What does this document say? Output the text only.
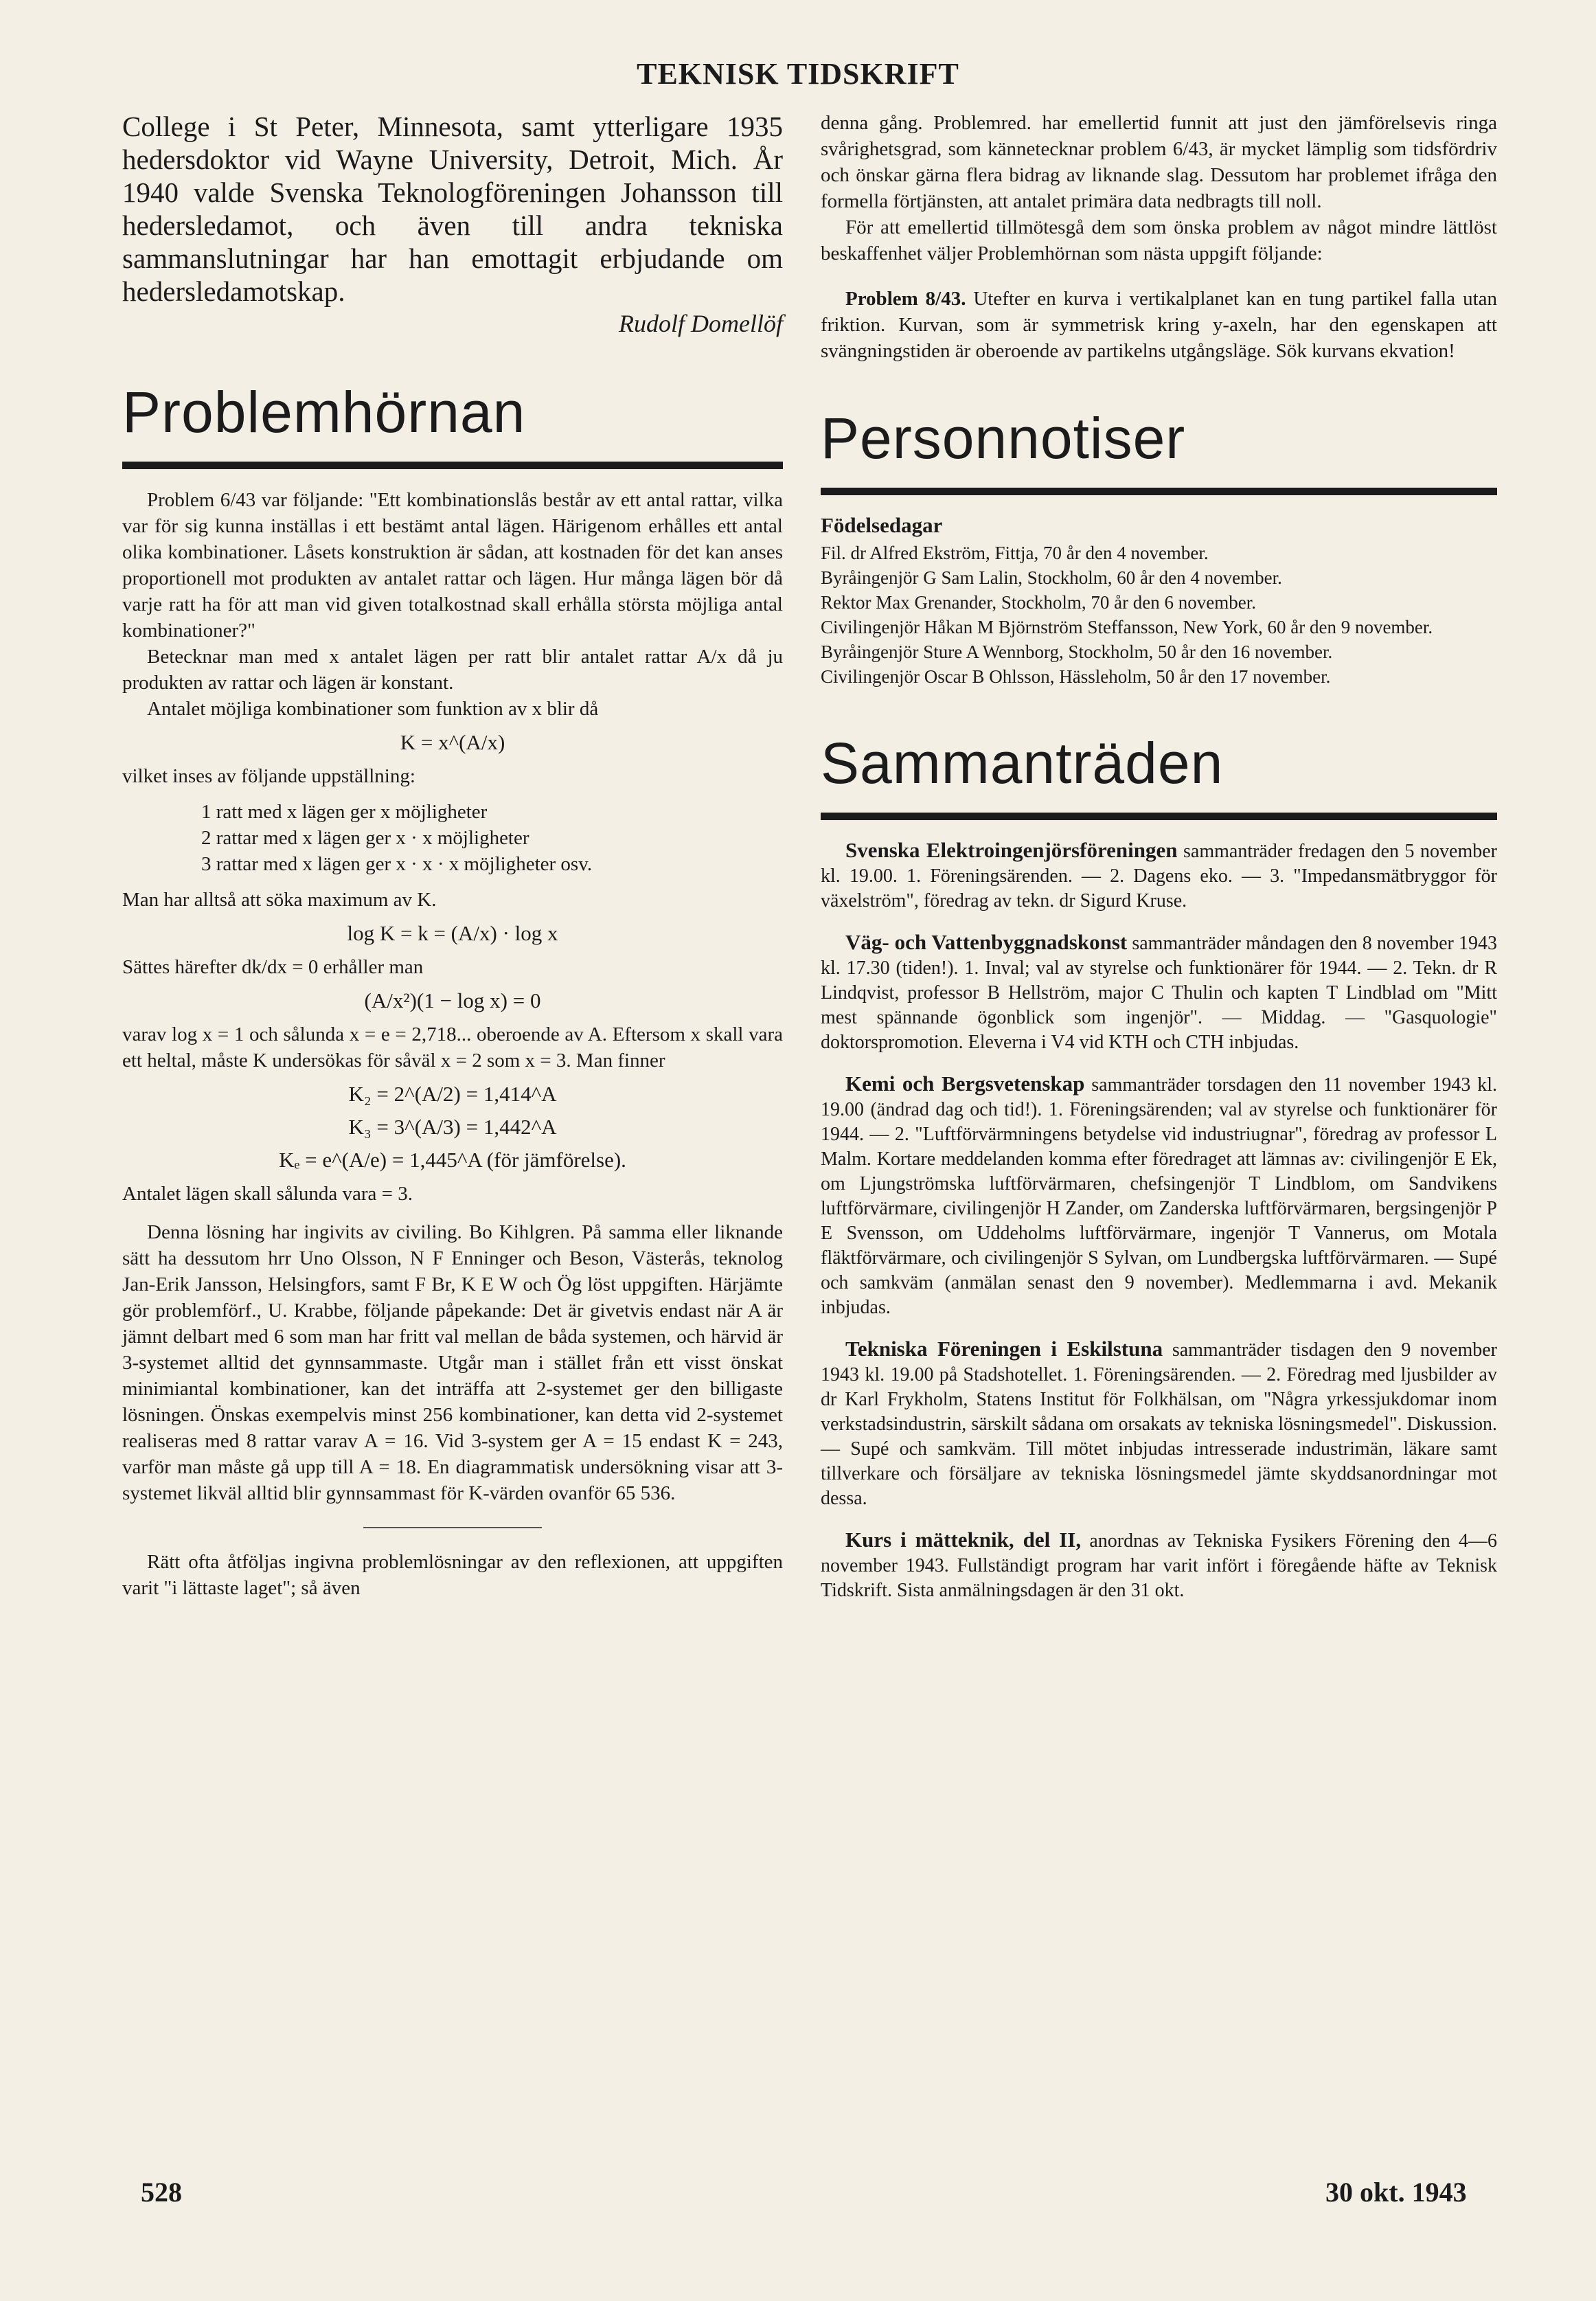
TEKNISK TIDSKRIFT

College i St Peter, Minnesota, samt ytterligare 1935 hedersdoktor vid Wayne University, Detroit, Mich. År 1940 valde Svenska Teknologföreningen Johansson till hedersledamot, och även till andra tekniska sammanslutningar har han emottagit erbjudande om hedersledamotskap.

Rudolf Domellöf

Problemhörnan

Problem 6/43 var följande: "Ett kombinationslås består av ett antal rattar, vilka var för sig kunna inställas i ett bestämt antal lägen. Härigenom erhålles ett antal olika kombinationer. Låsets konstruktion är sådan, att kostnaden för det kan anses proportionell mot produkten av antalet rattar och lägen. Hur många lägen bör då varje ratt ha för att man vid given totalkostnad skall erhålla största möjliga antal kombinationer?"

Betecknar man med x antalet lägen per ratt blir antalet rattar A/x då ju produkten av rattar och lägen är konstant.

Antalet möjliga kombinationer som funktion av x blir då

K = x^(A/x)

vilket inses av följande uppställning:

1 ratt med x lägen ger x möjligheter
2 rattar med x lägen ger x · x möjligheter
3 rattar med x lägen ger x · x · x möjligheter osv.

Man har alltså att söka maximum av K.

log K = k = (A/x) · log x

Sättes härefter dk/dx = 0 erhåller man

(A/x²)(1 − log x) = 0

varav log x = 1 och sålunda x = e = 2,718... oberoende av A. Eftersom x skall vara ett heltal, måste K undersökas för såväl x = 2 som x = 3. Man finner

K₂ = 2^(A/2) = 1,414^A
K₃ = 3^(A/3) = 1,442^A
Kₑ = e^(A/e) = 1,445^A (för jämförelse).

Antalet lägen skall sålunda vara = 3.

Denna lösning har ingivits av civiling. Bo Kihlgren. På samma eller liknande sätt ha dessutom hrr Uno Olsson, N F Enninger och Beson, Västerås, teknolog Jan-Erik Jansson, Helsingfors, samt F Br, K E W och Ög löst uppgiften. Härjämte gör problemförf., U. Krabbe, följande påpekande: Det är givetvis endast när A är jämnt delbart med 6 som man har fritt val mellan de båda systemen, och härvid är 3-systemet alltid det gynnsammaste. Utgår man i stället från ett visst önskat minimiantal kombinationer, kan det inträffa att 2-systemet ger den billigaste lösningen. Önskas exempelvis minst 256 kombinationer, kan detta vid 2-systemet realiseras med 8 rattar varav A = 16. Vid 3-system ger A = 15 endast K = 243, varför man måste gå upp till A = 18. En diagrammatisk undersökning visar att 3-systemet likväl alltid blir gynnsammast för K-värden ovanför 65 536.

Rätt ofta åtföljas ingivna problemlösningar av den reflexionen, att uppgiften varit "i lättaste laget"; så även

denna gång. Problemred. har emellertid funnit att just den jämförelsevis ringa svårighetsgrad, som kännetecknar problem 6/43, är mycket lämplig som tidsfördriv och önskar gärna flera bidrag av liknande slag. Dessutom har problemet ifråga den formella förtjänsten, att antalet primära data nedbragts till noll.

För att emellertid tillmötesgå dem som önska problem av något mindre lättlöst beskaffenhet väljer Problemhörnan som nästa uppgift följande:

Problem 8/43. Utefter en kurva i vertikalplanet kan en tung partikel falla utan friktion. Kurvan, som är symmetrisk kring y-axeln, har den egenskapen att svängningstiden är oberoende av partikelns utgångsläge. Sök kurvans ekvation!

Personnotiser
Födelsedagar

Fil. dr Alfred Ekström, Fittja, 70 år den 4 november.

Byråingenjör G Sam Lalin, Stockholm, 60 år den 4 november.

Rektor Max Grenander, Stockholm, 70 år den 6 november.

Civilingenjör Håkan M Björnström Steffansson, New York, 60 år den 9 november.

Byråingenjör Sture A Wennborg, Stockholm, 50 år den 16 november.

Civilingenjör Oscar B Ohlsson, Hässleholm, 50 år den 17 november.

Sammanträden

Svenska Elektroingenjörsföreningen sammanträder fredagen den 5 november kl. 19.00. 1. Föreningsärenden. — 2. Dagens eko. — 3. "Impedansmätbryggor för växelström", föredrag av tekn. dr Sigurd Kruse.

Väg- och Vattenbyggnadskonst sammanträder måndagen den 8 november 1943 kl. 17.30 (tiden!). 1. Inval; val av styrelse och funktionärer för 1944. — 2. Tekn. dr R Lindqvist, professor B Hellström, major C Thulin och kapten T Lindblad om "Mitt mest spännande ögonblick som ingenjör". — Middag. — "Gasquologie" doktorspromotion. Eleverna i V4 vid KTH och CTH inbjudas.

Kemi och Bergsvetenskap sammanträder torsdagen den 11 november 1943 kl. 19.00 (ändrad dag och tid!). 1. Föreningsärenden; val av styrelse och funktionärer för 1944. — 2. "Luftförvärmningens betydelse vid industriugnar", föredrag av professor L Malm. Kortare meddelanden komma efter föredraget att lämnas av: civilingenjör E Ek, om Ljungströmska luftförvärmaren, chefsingenjör T Lindblom, om Sandvikens luftförvärmare, civilingenjör H Zander, om Zanderska luftförvärmaren, bergsingenjör P E Svensson, om Uddeholms luftförvärmare, ingenjör T Vannerus, om Motala fläktförvärmare, och civilingenjör S Sylvan, om Lundbergska luftförvärmaren. — Supé och samkväm (anmälan senast den 9 november). Medlemmarna i avd. Mekanik inbjudas.

Tekniska Föreningen i Eskilstuna sammanträder tisdagen den 9 november 1943 kl. 19.00 på Stadshotellet. 1. Föreningsärenden. — 2. Föredrag med ljusbilder av dr Karl Frykholm, Statens Institut för Folkhälsan, om "Några yrkessjukdomar inom verkstadsindustrin, särskilt sådana om orsakats av tekniska lösningsmedel". Diskussion. — Supé och samkväm. Till mötet inbjudas intresserade industrimän, läkare samt tillverkare och försäljare av tekniska lösningsmedel jämte skyddsanordningar mot dessa.

Kurs i mätteknik, del II, anordnas av Tekniska Fysikers Förening den 4—6 november 1943. Fullständigt program har varit infört i föregående häfte av Teknisk Tidskrift. Sista anmälningsdagen är den 31 okt.

528	30 okt. 1943
